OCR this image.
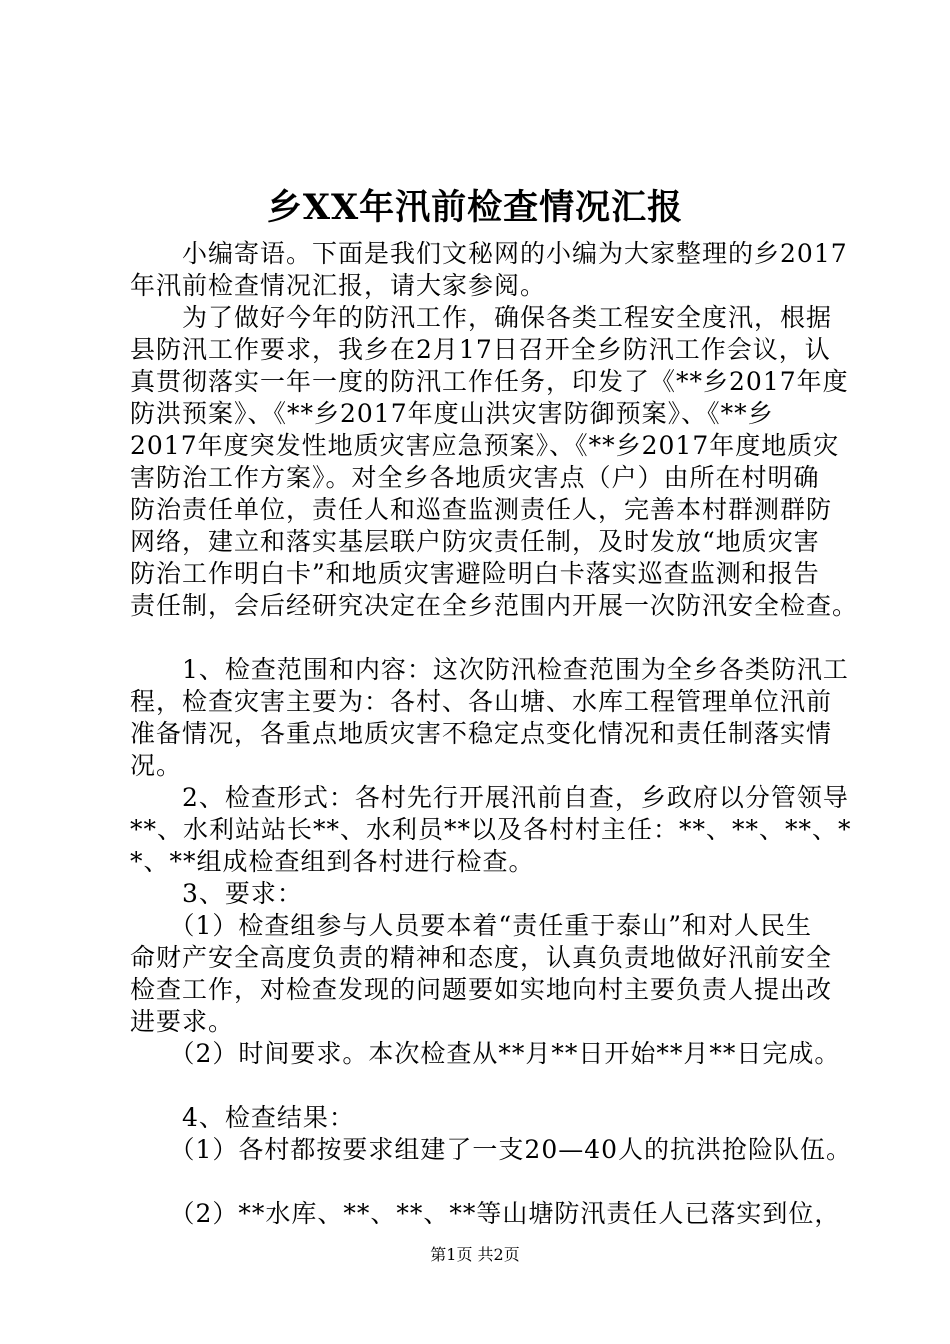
乡XX年汛前检查情况汇报
　　小编寄语。下面是我们文秘网的小编为大家整理的乡2017
年汛前检查情况汇报，请大家参阅。
　　为了做好今年的防汛工作，确保各类工程安全度汛，根据
县防汛工作要求，我乡在2月17日召开全乡防汛工作会议，认
真贯彻落实一年一度的防汛工作任务，印发了《**乡2017年度
防洪预案》、《**乡2017年度山洪灾害防御预案》、《**乡
2017年度突发性地质灾害应急预案》、《**乡2017年度地质灾
害防治工作方案》。对全乡各地质灾害点（户）由所在村明确
防治责任单位，责任人和巡查监测责任人，完善本村群测群防
网络，建立和落实基层联户防灾责任制，及时发放“地质灾害
防治工作明白卡”和地质灾害避险明白卡落实巡查监测和报告
责任制，会后经研究决定在全乡范围内开展一次防汛安全检查。
　　1、检查范围和内容：这次防汛检查范围为全乡各类防汛工
程，检查灾害主要为：各村、各山塘、水库工程管理单位汛前
准备情况，各重点地质灾害不稳定点变化情况和责任制落实情
况。
　　2、检查形式：各村先行开展汛前自查，乡政府以分管领导
**、水利站站长**、水利员**以及各村村主任：**、**、**、*
*、**组成检查组到各村进行检查。
　　3、要求：
　　（1）检查组参与人员要本着“责任重于泰山”和对人民生
命财产安全高度负责的精神和态度，认真负责地做好汛前安全
检查工作，对检查发现的问题要如实地向村主要负责人提出改
进要求。
　　（2）时间要求。本次检查从**月**日开始**月**日完成。
　　4、检查结果：
　　（1）各村都按要求组建了一支20—40人的抗洪抢险队伍。
　　（2）**水库、**、**、**等山塘防汛责任人已落实到位，
第1页 共2页
